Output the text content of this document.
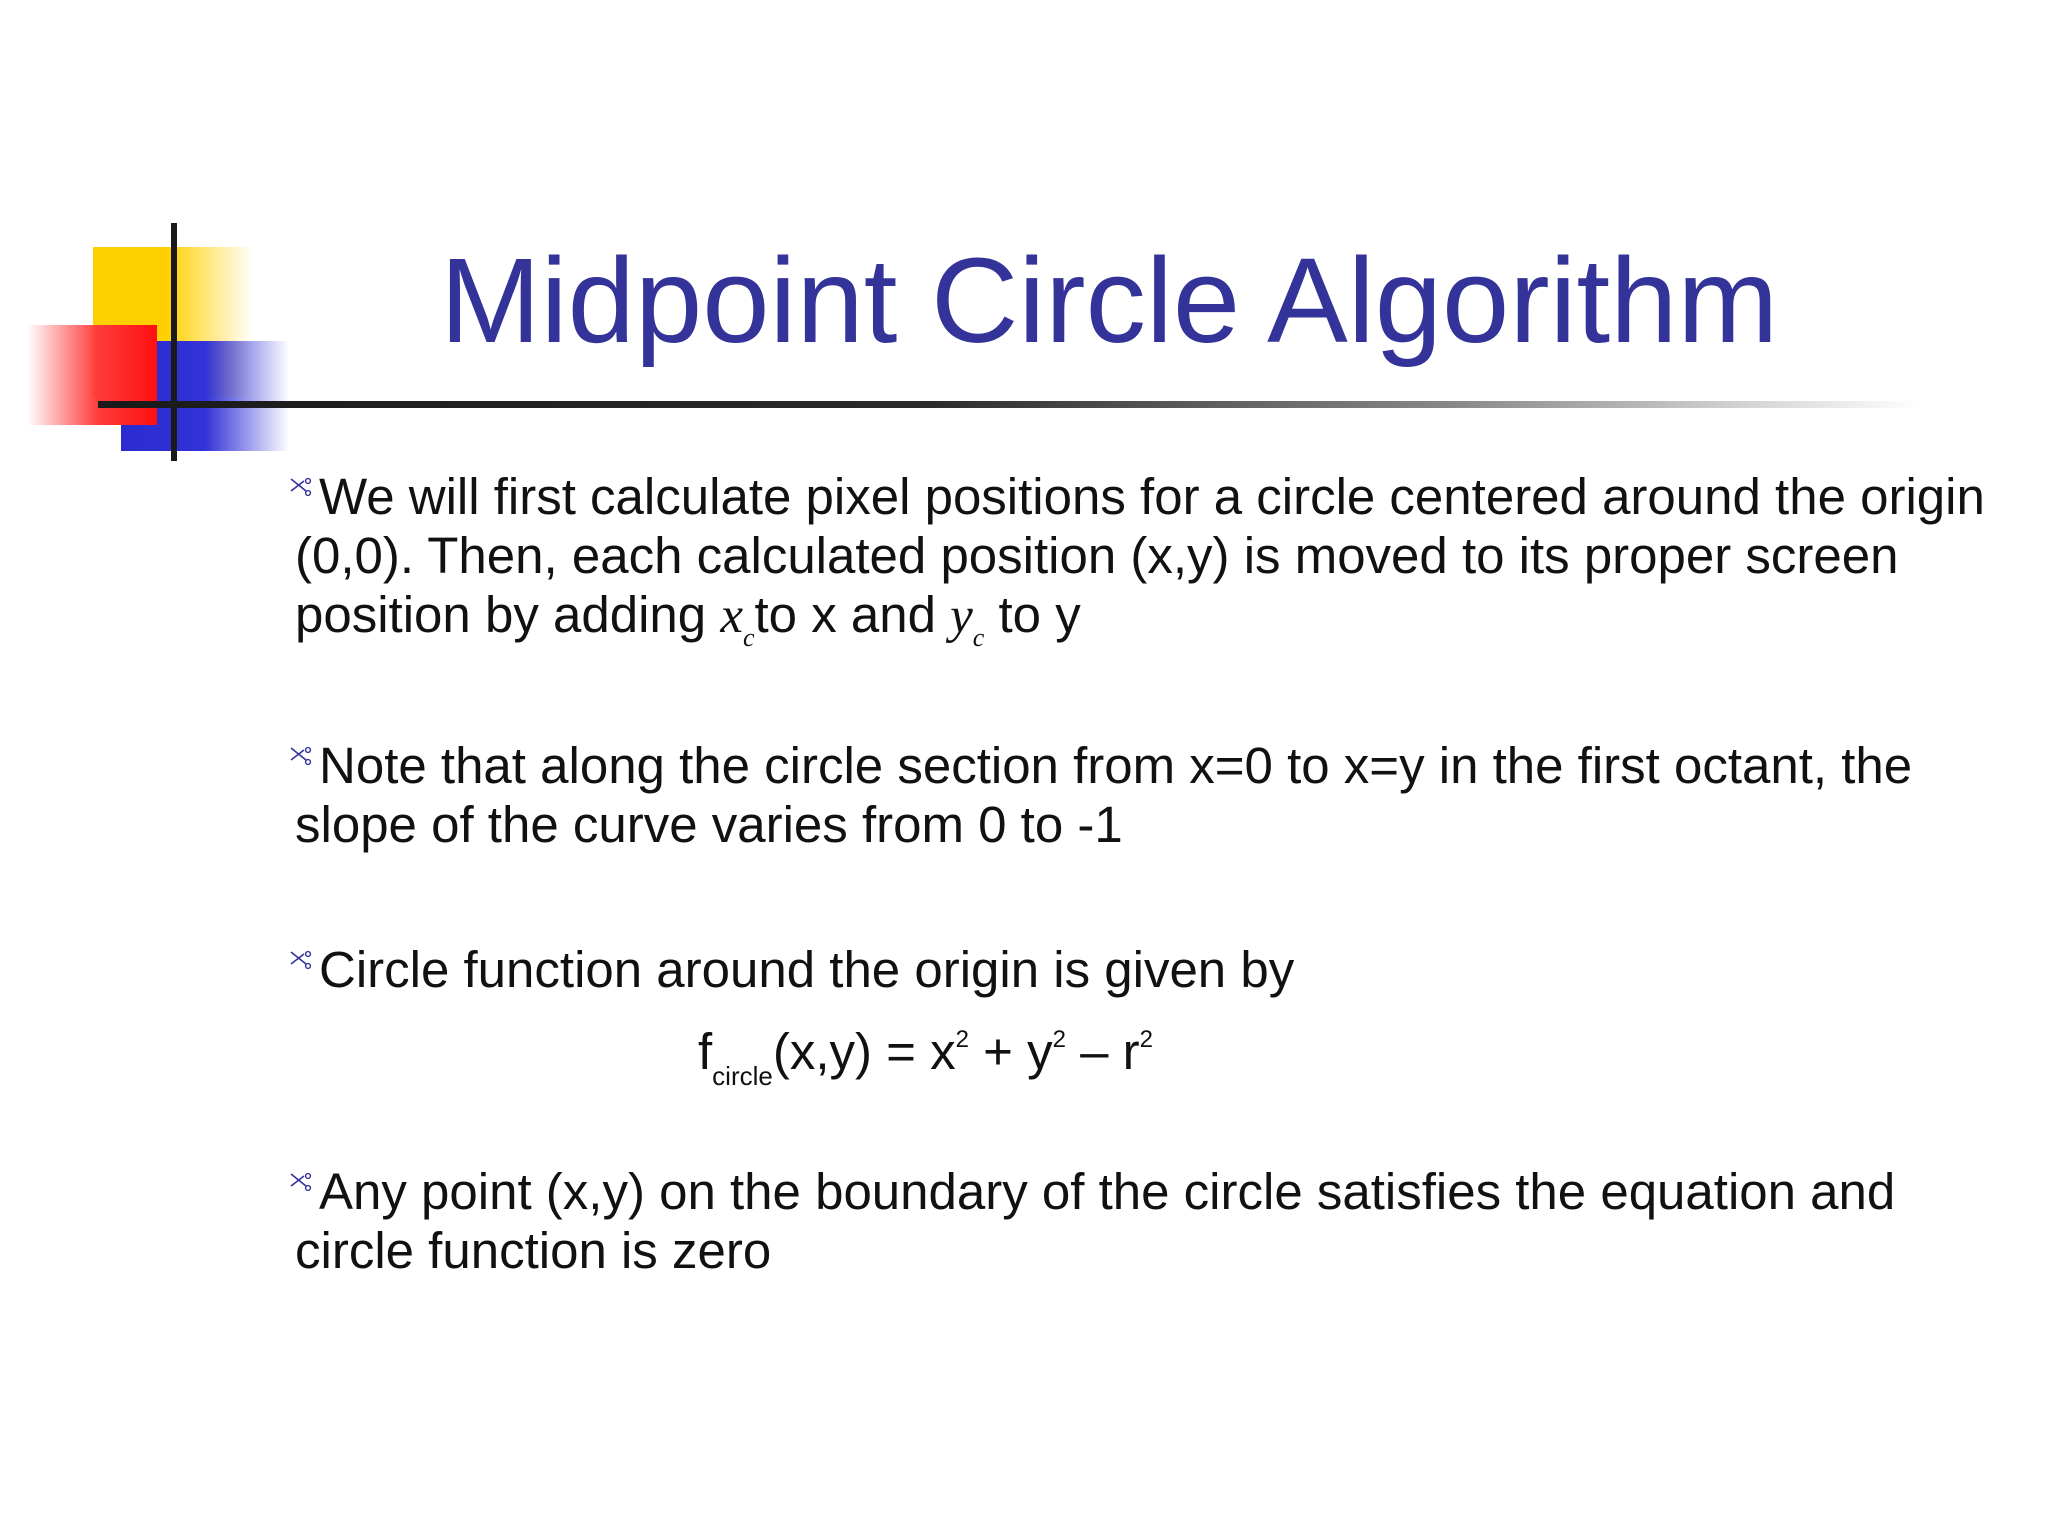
Midpoint Circle Algorithm
We will first calculate pixel positions for a circle centered around the origin (0,0). Then, each calculated position (x,y) is moved to its proper screen position by adding $x_cto$ x and $y_c$ to y
Note that along the circle section from x=0 to x=y in the first octant, the slope of the curve varies from 0 to -1
Circle function around the origin is given by
$f_{circle}(x,y) = x^2 + y^2 - r^2$
Any point (x,y) on the boundary of the circle satisfies the equation and circle function is zero
